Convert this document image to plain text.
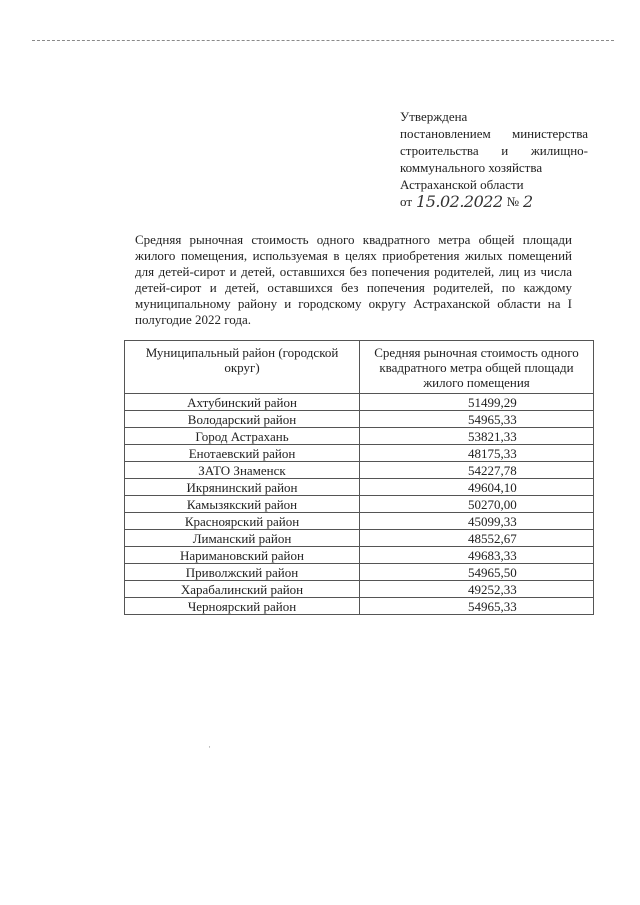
Утверждена
постановлением министерства
строительства и жилищно-
коммунального хозяйства
Астраханской области
от 15.02.2022 № 2
Средняя рыночная стоимость одного квадратного метра общей площади жилого помещения, используемая в целях приобретения жилых помещений для детей-сирот и детей, оставшихся без попечения родителей, лиц из числа детей-сирот и детей, оставшихся без попечения родителей, по каждому муниципальному району и городскому округу Астраханской области на I полугодие 2022 года.
Муниципальный район (городской округ)	Средняя рыночная стоимость одного квадратного метра общей площади жилого помещения
Ахтубинский район	51499,29
Володарский район	54965,33
Город Астрахань	53821,33
Енотаевский район	48175,33
ЗАТО Знаменск	54227,78
Икрянинский район	49604,10
Камызякский район	50270,00
Красноярский район	45099,33
Лиманский район	48552,67
Наримановский район	49683,33
Приволжский район	54965,50
Харабалинский район	49252,33
Черноярский район	54965,33
·
